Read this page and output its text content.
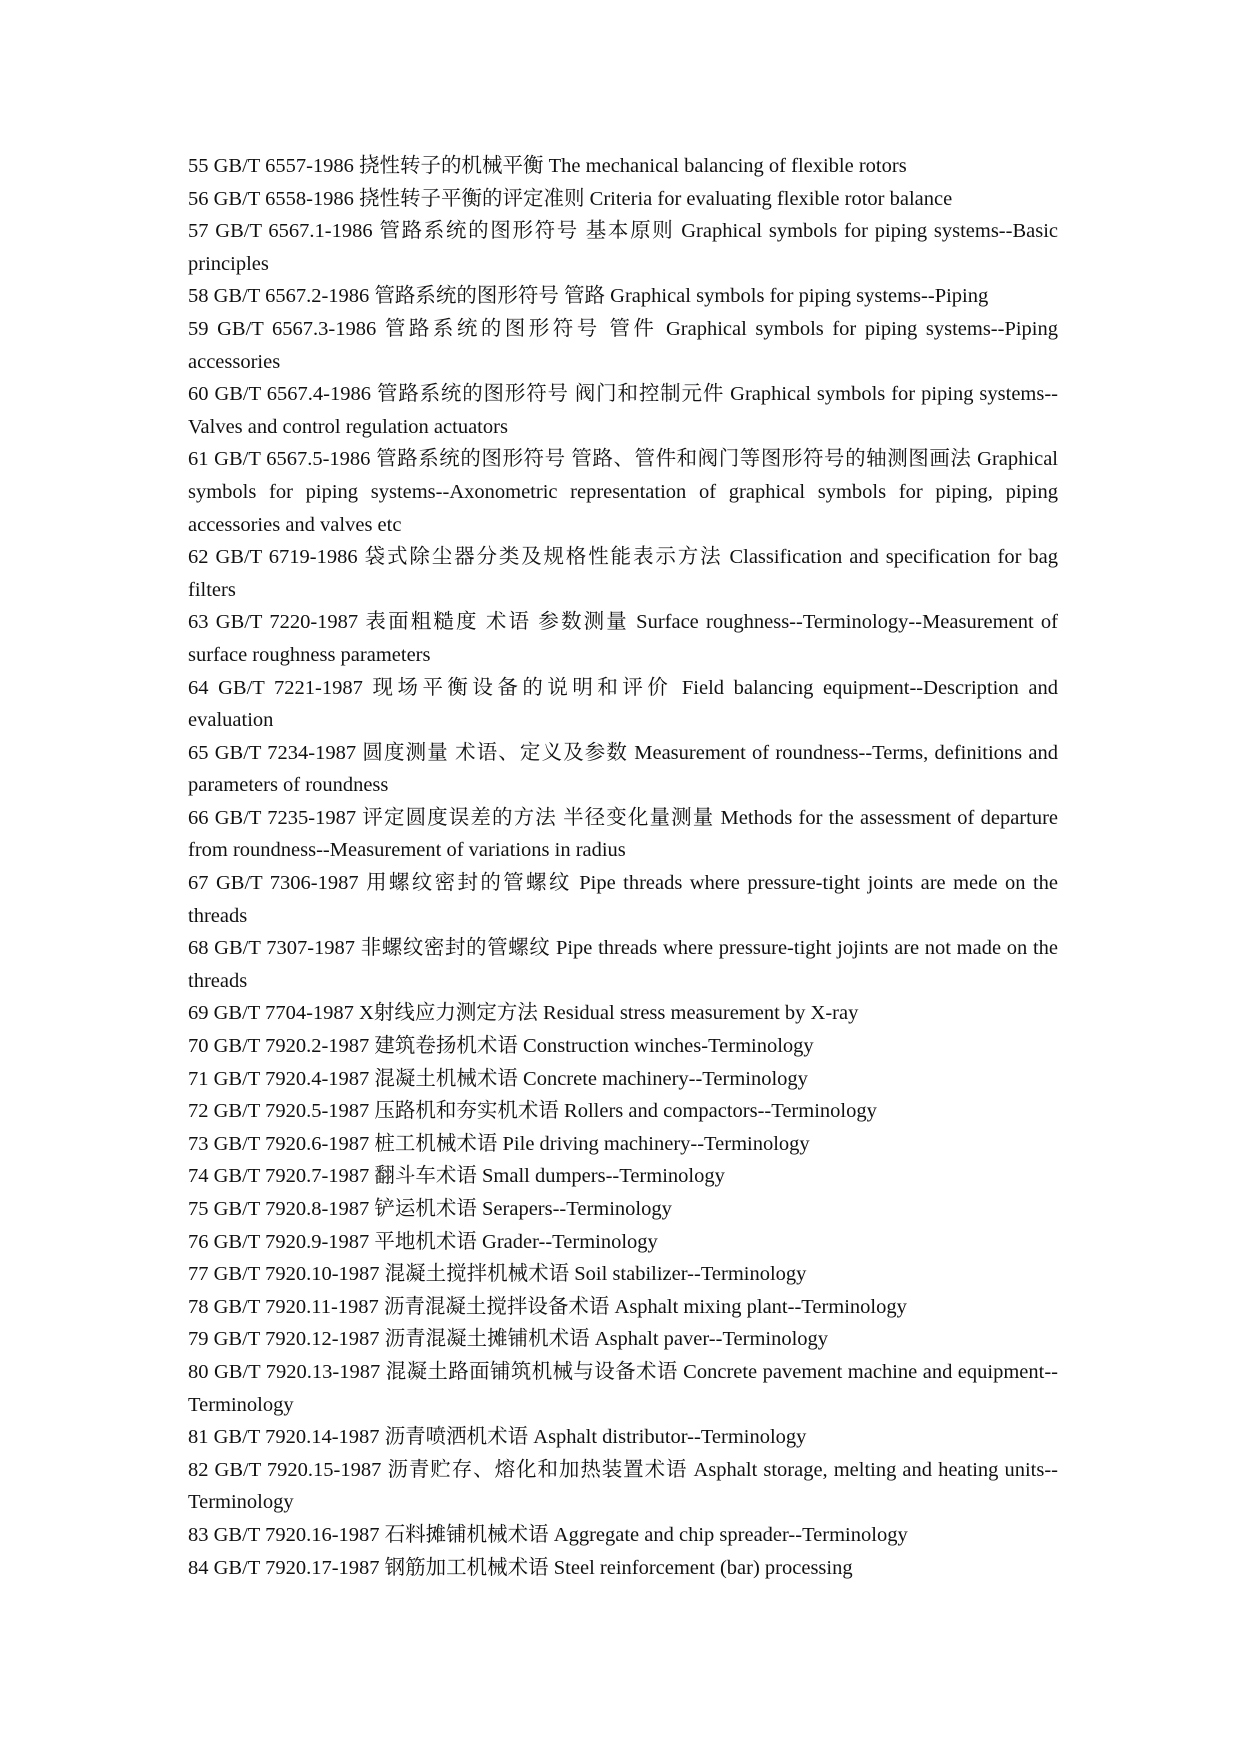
55 GB/T 6557-1986 挠性转子的机械平衡 The mechanical balancing of flexible rotors

56 GB/T 6558-1986 挠性转子平衡的评定准则 Criteria for evaluating flexible rotor balance

57 GB/T 6567.1-1986 管路系统的图形符号 基本原则 Graphical symbols for piping systems--Basic principles

58 GB/T 6567.2-1986 管路系统的图形符号 管路 Graphical symbols for piping systems--Piping

59 GB/T 6567.3-1986 管路系统的图形符号 管件 Graphical symbols for piping systems--Piping accessories

60 GB/T 6567.4-1986 管路系统的图形符号 阀门和控制元件 Graphical symbols for piping systems--Valves and control regulation actuators

61 GB/T 6567.5-1986 管路系统的图形符号 管路、管件和阀门等图形符号的轴测图画法 Graphical symbols for piping systems--Axonometric representation of graphical symbols for piping, piping accessories and valves etc

62 GB/T 6719-1986 袋式除尘器分类及规格性能表示方法 Classification and specification for bag filters

63 GB/T 7220-1987 表面粗糙度 术语 参数测量 Surface roughness--Terminology--Measurement of surface roughness parameters

64 GB/T 7221-1987 现场平衡设备的说明和评价 Field balancing equipment--Description and evaluation

65 GB/T 7234-1987 圆度测量 术语、定义及参数 Measurement of roundness--Terms, definitions and parameters of roundness

66 GB/T 7235-1987 评定圆度误差的方法 半径变化量测量 Methods for the assessment of departure from roundness--Measurement of variations in radius

67 GB/T 7306-1987 用螺纹密封的管螺纹 Pipe threads where pressure-tight joints are mede on the threads

68 GB/T 7307-1987 非螺纹密封的管螺纹 Pipe threads where pressure-tight jojints are not made on the threads

69 GB/T 7704-1987 X射线应力测定方法 Residual stress measurement by X-ray

70 GB/T 7920.2-1987 建筑卷扬机术语 Construction winches-Terminology

71 GB/T 7920.4-1987 混凝土机械术语 Concrete machinery--Terminology

72 GB/T 7920.5-1987 压路机和夯实机术语 Rollers and compactors--Terminology

73 GB/T 7920.6-1987 桩工机械术语 Pile driving machinery--Terminology

74 GB/T 7920.7-1987 翻斗车术语 Small dumpers--Terminology

75 GB/T 7920.8-1987 铲运机术语 Serapers--Terminology

76 GB/T 7920.9-1987 平地机术语 Grader--Terminology

77 GB/T 7920.10-1987 混凝土搅拌机械术语 Soil stabilizer--Terminology

78 GB/T 7920.11-1987 沥青混凝土搅拌设备术语 Asphalt mixing plant--Terminology

79 GB/T 7920.12-1987 沥青混凝土摊铺机术语 Asphalt paver--Terminology

80 GB/T 7920.13-1987 混凝土路面铺筑机械与设备术语 Concrete pavement machine and equipment--Terminology

81 GB/T 7920.14-1987 沥青喷洒机术语 Asphalt distributor--Terminology

82 GB/T 7920.15-1987 沥青贮存、熔化和加热装置术语 Asphalt storage, melting and heating units--Terminology

83 GB/T 7920.16-1987 石料摊铺机械术语 Aggregate and chip spreader--Terminology

84 GB/T 7920.17-1987 钢筋加工机械术语 Steel reinforcement (bar) processing
